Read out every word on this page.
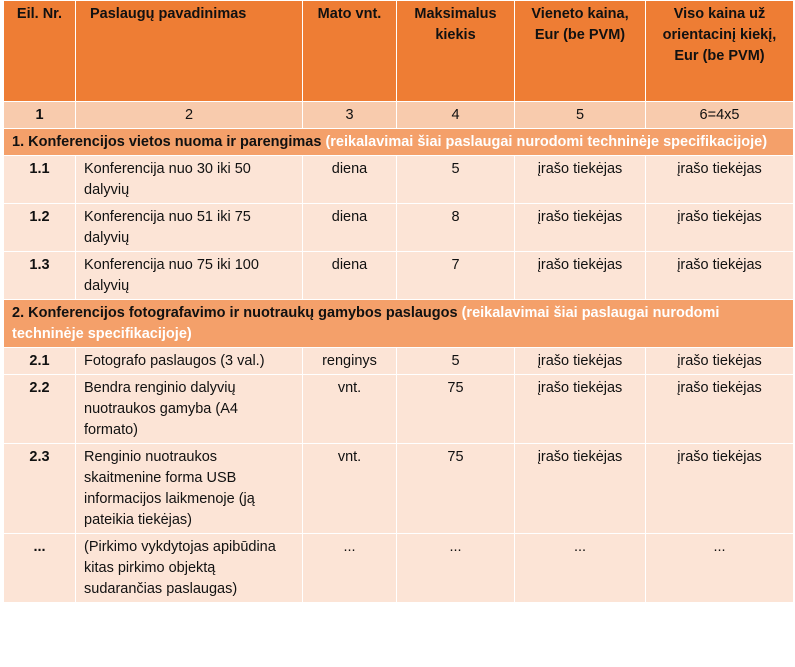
Eil. Nr.	Paslaugų pavadinimas	Mato vnt.	Maksimalus kiekis	Vieneto kaina, Eur (be PVM)	Viso kaina už orientacinį kiekį, Eur (be PVM)
1	2	3	4	5	6=4x5
1. Konferencijos vietos nuoma ir parengimas (reikalavimai šiai paslaugai nurodomi techninėje specifikacijoje)					
1.1	Konferencija nuo 30 iki 50 dalyvių	diena	5	įrašo tiekėjas	įrašo tiekėjas
1.2	Konferencija nuo 51 iki 75 dalyvių	diena	8	įrašo tiekėjas	įrašo tiekėjas
1.3	Konferencija nuo 75 iki 100 dalyvių	diena	7	įrašo tiekėjas	įrašo tiekėjas
2. Konferencijos fotografavimo ir nuotraukų gamybos paslaugos (reikalavimai šiai paslaugai nurodomi techninėje specifikacijoje)					
2.1	Fotografo paslaugos (3 val.)	renginys	5	įrašo tiekėjas	įrašo tiekėjas
2.2	Bendra renginio dalyvių nuotraukos gamyba (A4 formato)	vnt.	75	įrašo tiekėjas	įrašo tiekėjas
2.3	Renginio nuotraukos skaitmenine forma USB informacijos laikmenoje (ją pateikia tiekėjas)	vnt.	75	įrašo tiekėjas	įrašo tiekėjas
...	(Pirkimo vykdytojas apibūdina kitas pirkimo objektą sudarančias paslaugas)	...	...	...	...
